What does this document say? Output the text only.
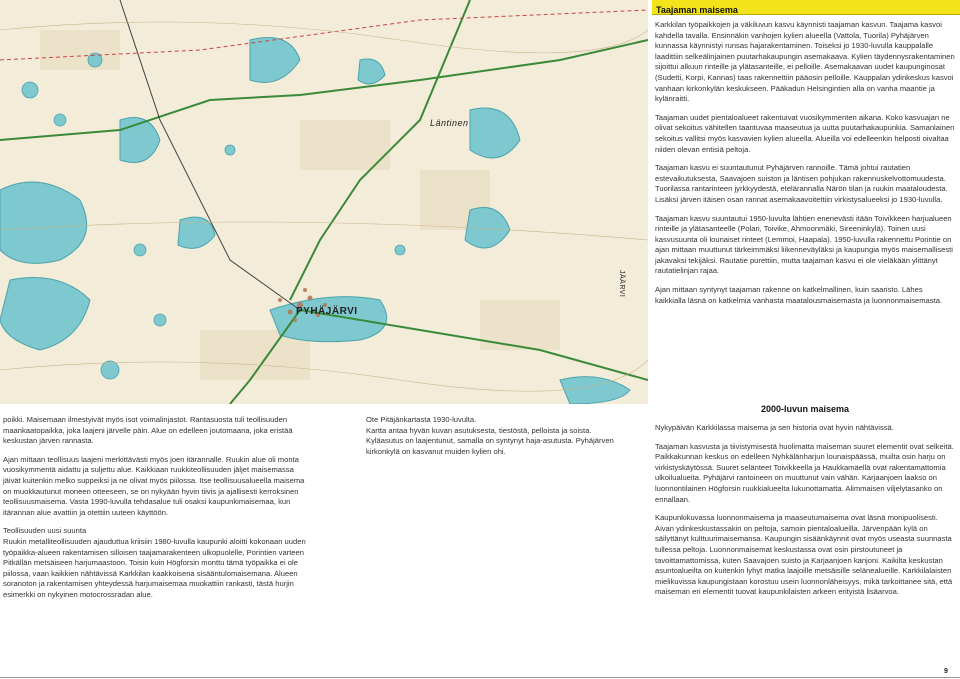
PYHÄJÄRVI
Läntinen
JÄÄRVI
Taajaman maisema

Karkkilan työpaikkojen ja väkiluvun kasvu käynnisti taajaman kasvun. Taajama kasvoi kahdella tavalla. Ensinnäkin vanhojen kylien alueella (Vattola, Tuorila) Pyhäjärven kunnassa käynnistyi runsas hajarakentaminen. Toiseksi jo 1930-luvulla kauppalalle laadittiin selkeälinjainen puutarhakaupungin asemakaava. Kylien täydennysrakentaminen sijoittui alkuun rinteille ja ylätasanteille, ei pelloille. Asemakaavan uudet kaupunginosat (Sudetti, Korpi, Kannas) taas rakennettiin pääosin pelloille. Kauppalan ydinkeskus kasvoi vanhaan kirkonkylän keskukseen. Pääkadun Helsingintien alla on vanha maantie ja kylänraitti.

Taajaman uudet pientaloalueet rakentuivat vuosikymmenten aikana. Koko kasvuajan ne olivat sekoitus vähitellen taantuvaa maaseutua ja uutta puutarhakaupunkia. Samanlainen sekoitus vallitsi myös kasvavien kylien alueella. Alueilla voi edelleenkin helposti oivaltaa niiden olevan entisiä peltoja.

Taajaman kasvu ei suuntautunut Pyhäjärven rannoille. Tämä johtui rautatien estevaikutuksesta, Saavajoen suiston ja läntisen pohjukan rakennuskelvottomuudesta. Tuorilassa rantarinteen jyrkkyydestä, etelärannalla Närön tilan ja ruukin maataloudesta. Lisäksi järven itäisen osan rannat asemakaavoitettiin virkistysalueeksi jo 1930-luvulla.

Taajaman kasvu suuntautui 1950-luvulta lähtien enenevästi itään Toivikkeen harjualueen rinteille ja ylätasanteelle (Polari, Toivike, Ahmoonmäki, Sireeninkylä). Toinen uusi kasvusuunta oli lounaiset rinteet (Lemmoi, Haapala). 1950-luvulla rakennettu Porintie on ajan mittaan muuttunut tärkeimmäksi liikenneväyläksi ja kaupungia myös maisemallisesti jakavaksi tekijäksi. Rautatie purettiin, mutta taajaman kasvu ei ole vieläkään ylittänyt rautatielinjan rajaa.

Ajan mittaan syntynyt taajaman rakenne on katkelmallinen, kuin saaristo. Lähes kaikkialla läsnä on katkelmia vanhasta maatalousmaisemasta ja luonnonmaisemasta.

2000-luvun maisema

Nykypäivän Karkkilassa maisema ja sen historia ovat hyvin nähtävissä.

Taajaman kasvusta ja tiivistymisestä huolimatta maiseman suuret elementit ovat selkeitä. Paikkakunnan keskus on edelleen Nyhkälänharjun lounaispäässä, muilta osin harju on virkistyskäytössä. Suuret selänteet Toivikkeella ja Haukkamäellä ovat rakentamattomia ulkoilualueita. Pyhäjärvi rantoineen on muuttunut vain vähän. Karjaanjoen laakso on luonnontilainen Högforsin ruukkialueelta lukunottamatta. Alimmaisen viljelytasanko on ennallaan.

Kaupunkikuvassa luonnonmaisema ja maaseutumaisema ovat läsnä monipuolisesti. Aivan ydinkeskustassakin on peltoja, samoin pientaloalueilla. Järvenpään kylä on säilyttänyt kulttuurimaisemansa. Kaupungin sisäänkäynnit ovat myös useasta suunnasta tullessa peltoja. Luonnonmaisemat keskustassa ovat osin pirstoutuneet ja tavoittamattomissa, kuten Saavajoen suisto ja Karjaanjoen kanjoni. Kaikilta keskustan asuntoalueilta on kuitenkin lyhyt matka laajoille metsäisille selänealueille. Karkkilalaisten mielikuvissa kaupungistaan korostuu usein luonnonläheisyys, mikä tarkoittanee sitä, että maiseman eri elementit tuovat kaupunkilaisten arkeen erityistä lisäarvoa.

poikki. Maisemaan ilmestyivät myös isot voimalinjastot. Rantasuosta tuli teollisuuden maankaatopaikka, joka laajeni järvelle päin. Alue on edelleen joutomaana, joka eristää keskustan järven rannasta.

Ajan mittaan teollisuus laajeni merkittävästi myös joen itärannalle. Ruukin alue oli monta vuosikymmentä aidattu ja suljettu alue. Kaikkiaan ruukkiteollisuuden jäljet maisemassa jäivät kuitenkin melko suppeiksi ja ne olivat myös piilossa. Itse teollisuusalueella maisema on muokkautunut moneen otteeseen, se on nykyään hyvin tiivis ja ajallisesti kerroksinen teollisuusmaisema. Vasta 1990-luvulla tehdasalue tuli osaksi kaupunkimaisemaa, kun itärannan alue avattiin ja otettiin uuteen käyttöön.

Teollisuuden uusi suunta

Ruukin metalliteollisuuden ajauduttua kriisiin 1980-luvulla kaupunki aloitti kokonaan uuden työpaikka-alueen rakentamisen silloisen taajamarakenteen ulkopuolelle, Porintien varteen Pitkällän metsäiseen harjumaastoon. Toisin kuin Högforsin monttu tämä työpaikka ei ole piilossa, vaan kaikkien nähtävissä Karkkilan kaakkoisena sisääntulomaisemana. Alueen soranoton ja rakentamisen yhteydessä harjumaisemaa muokattiin rankasti, tästä hurjin esimerkki on nykyinen motocrossradan alue.

Ote Pitäjänkartasta 1930-luvulta.

Kartta antaa hyvän kuvan asutuksesta, tiestöstä, pelloista ja soista. Kyläasutus on laajentunut, samalla on syntynyt haja-asutusta. Pyhäjärven kirkonkylä on kasvanut muiden kylien ohi.

9
